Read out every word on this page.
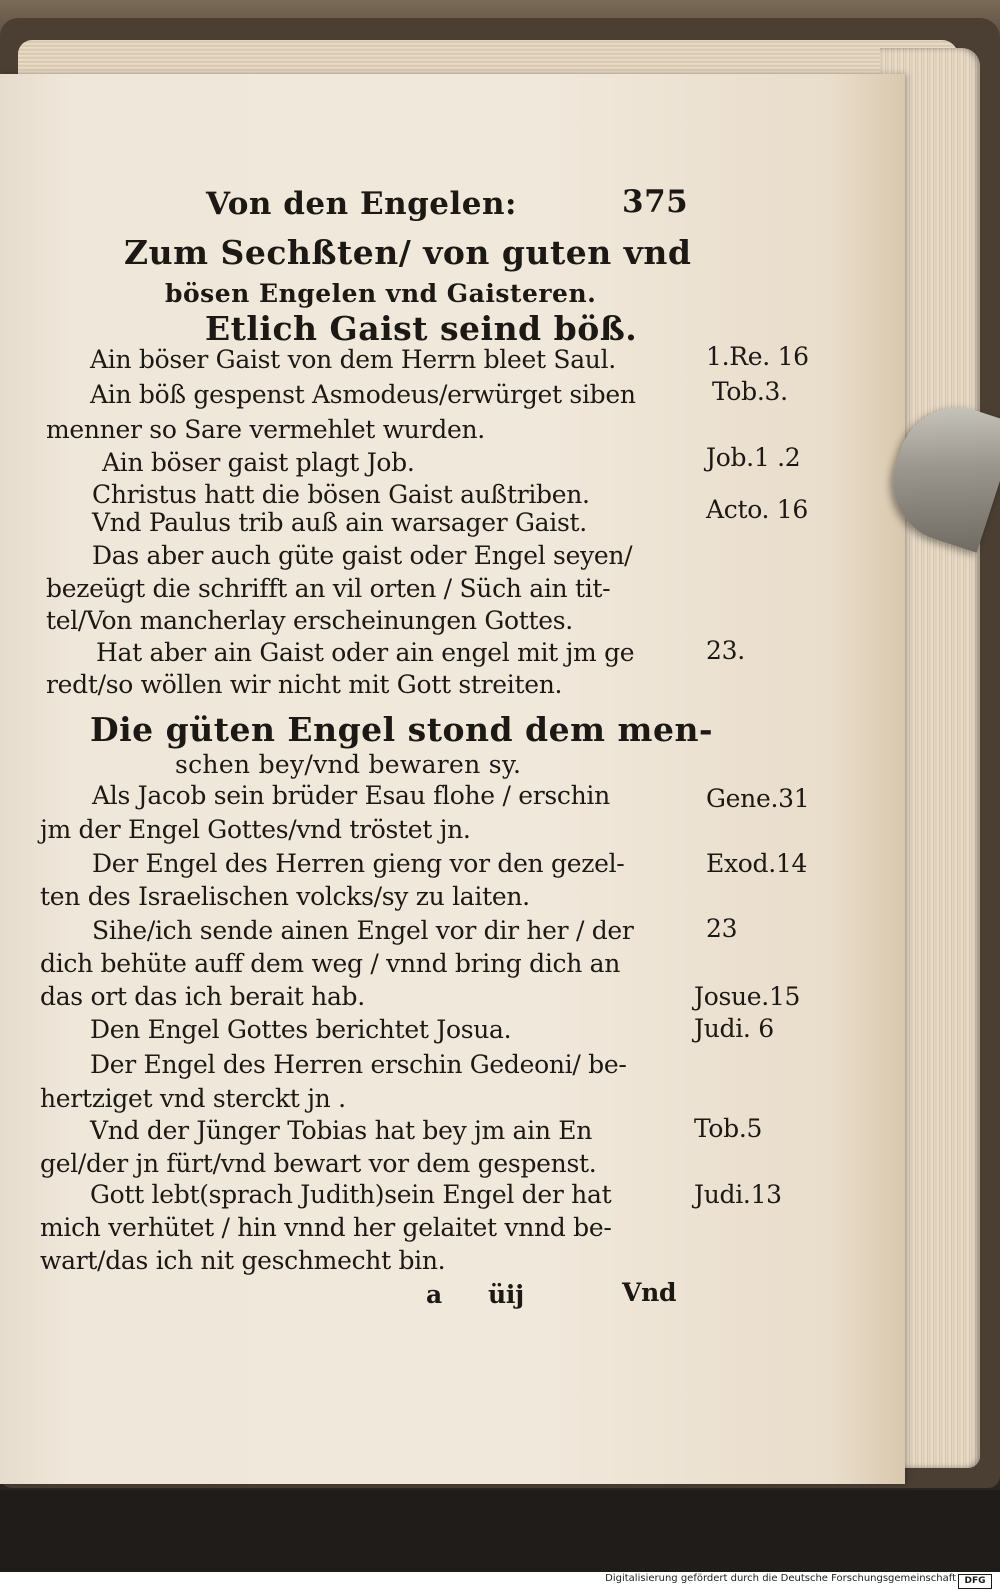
Von den Engelen:	375
Zum Sechßten/ von guten vnd
bösen Engelen vnd Gaisteren.
Etlich Gaist seind böß.
Ain böser Gaist von dem Herrn bleet Saul.
Ain böß gespenst Asmodeus/erwürget siben
menner so Sare vermehlet wurden.
Ain böser gaist plagt Job.
Christus hatt die bösen Gaist außtriben.
Vnd Paulus trib auß ain warsager Gaist.
Das aber auch güte gaist oder Engel seyen/
bezeügt die schrifft an vil orten / Süch ain tit-
tel/Von mancherlay erscheinungen Gottes.
Hat aber ain Gaist oder ain engel mit jm ge
redt/so wöllen wir nicht mit Gott streiten.
Die güten Engel stond dem men-
schen bey/vnd bewaren sy.
Als Jacob sein brüder Esau flohe / erschin
jm der Engel Gottes/vnd tröstet jn.
Der Engel des Herren gieng vor den gezel-
ten des Israelischen volcks/sy zu laiten.
Sihe/ich sende ainen Engel vor dir her / der
dich behüte auff dem weg / vnnd bring dich an
das ort das ich berait hab.
Den Engel Gottes berichtet Josua.
Der Engel des Herren erschin Gedeoni/ be-
hertziget vnd sterckt jn .
Vnd der Jünger Tobias hat bey jm ain En
gel/der jn fürt/vnd bewart vor dem gespenst.
Gott lebt(sprach Judith)sein Engel der hat
mich verhütet / hin vnnd her gelaitet vnnd be-
wart/das ich nit geschmecht bin.
1.Re. 16
Tob.3.
Job.1 .2
Acto. 16
23.
Gene.31
Exod.14
23
Josue.15
Judi. 6
Tob.5
Judi.13
a üij	Vnd
Digitalisierung gefördert durch die Deutsche Forschungsgemeinschaft DFG
